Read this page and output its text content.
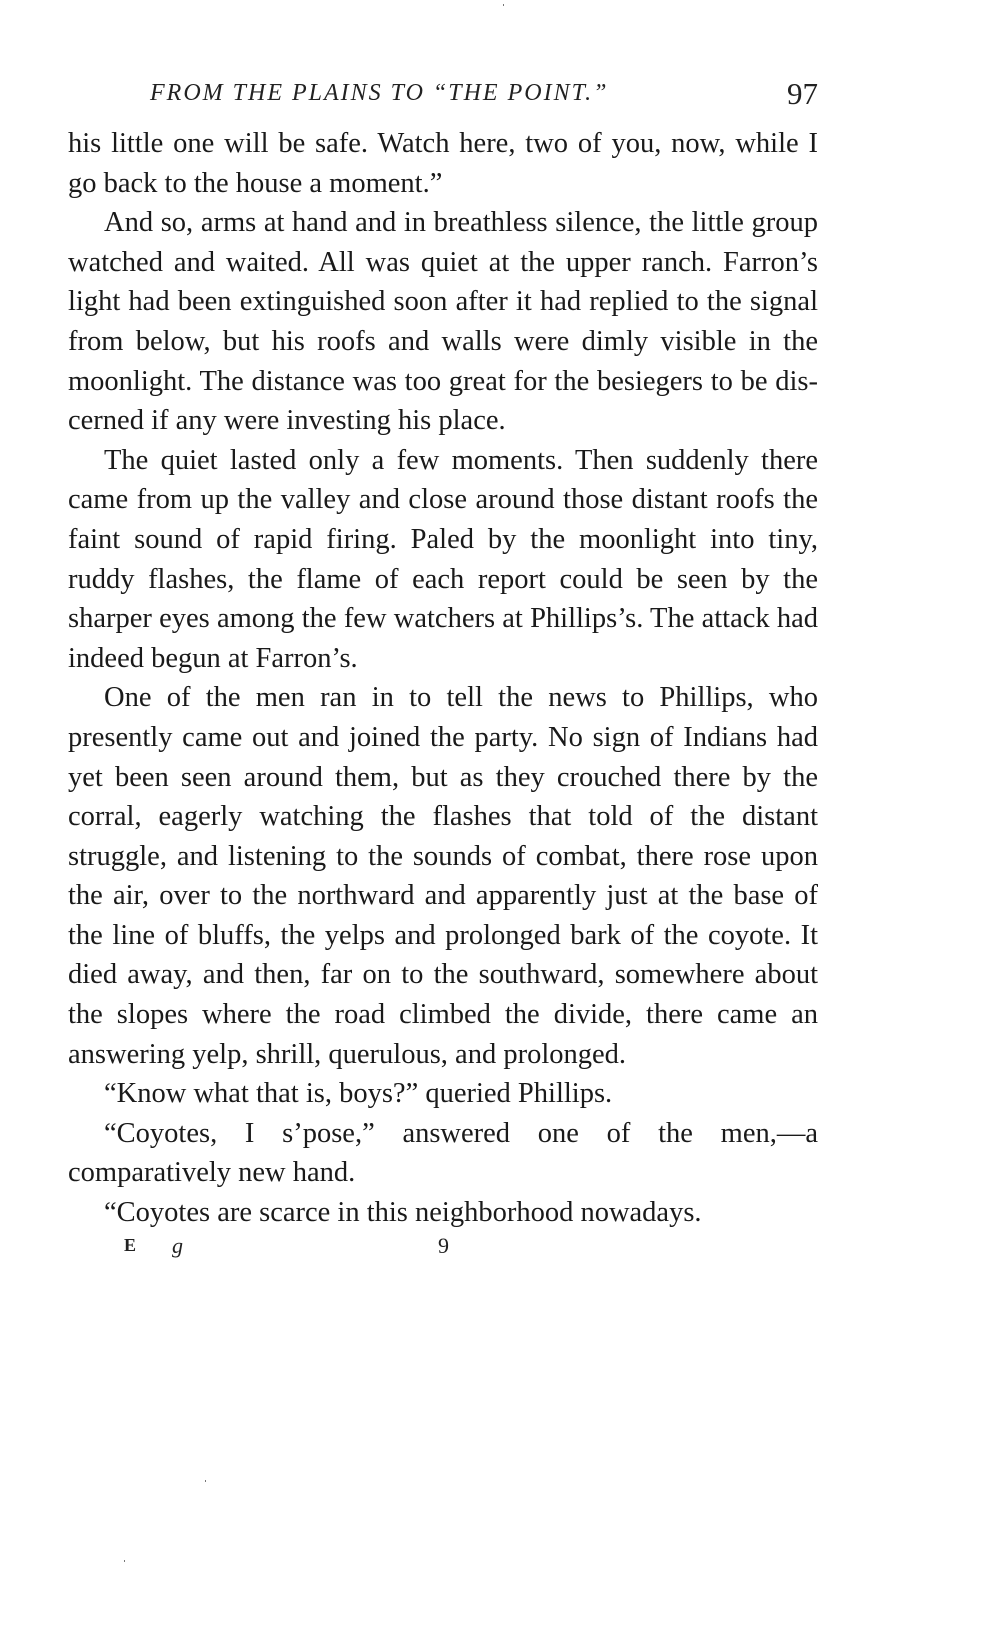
FROM THE PLAINS TO “THE POINT.”	97

his little one will be safe. Watch here, two of you, now, while I go back to the house a moment.”

And so, arms at hand and in breathless silence, the little group watched and waited. All was quiet at the upper ranch. Farron’s light had been extinguished soon after it had replied to the signal from below, but his roofs and walls were dimly visible in the moonlight. The distance was too great for the besiegers to be discerned if any were investing his place.

The quiet lasted only a few moments. Then suddenly there came from up the valley and close around those distant roofs the faint sound of rapid firing. Paled by the moonlight into tiny, ruddy flashes, the flame of each report could be seen by the sharper eyes among the few watchers at Phillips’s. The attack had indeed begun at Farron’s.

One of the men ran in to tell the news to Phillips, who presently came out and joined the party. No sign of Indians had yet been seen around them, but as they crouched there by the corral, eagerly watching the flashes that told of the distant struggle, and listening to the sounds of combat, there rose upon the air, over to the northward and apparently just at the base of the line of bluffs, the yelps and prolonged bark of the coyote. It died away, and then, far on to the southward, somewhere about the slopes where the road climbed the divide, there came an answering yelp, shrill, querulous, and prolonged.

“Know what that is, boys?” queried Phillips.

“Coyotes, I s’pose,” answered one of the men,—a comparatively new hand.

“Coyotes are scarce in this neighborhood nowadays.

E g	9
